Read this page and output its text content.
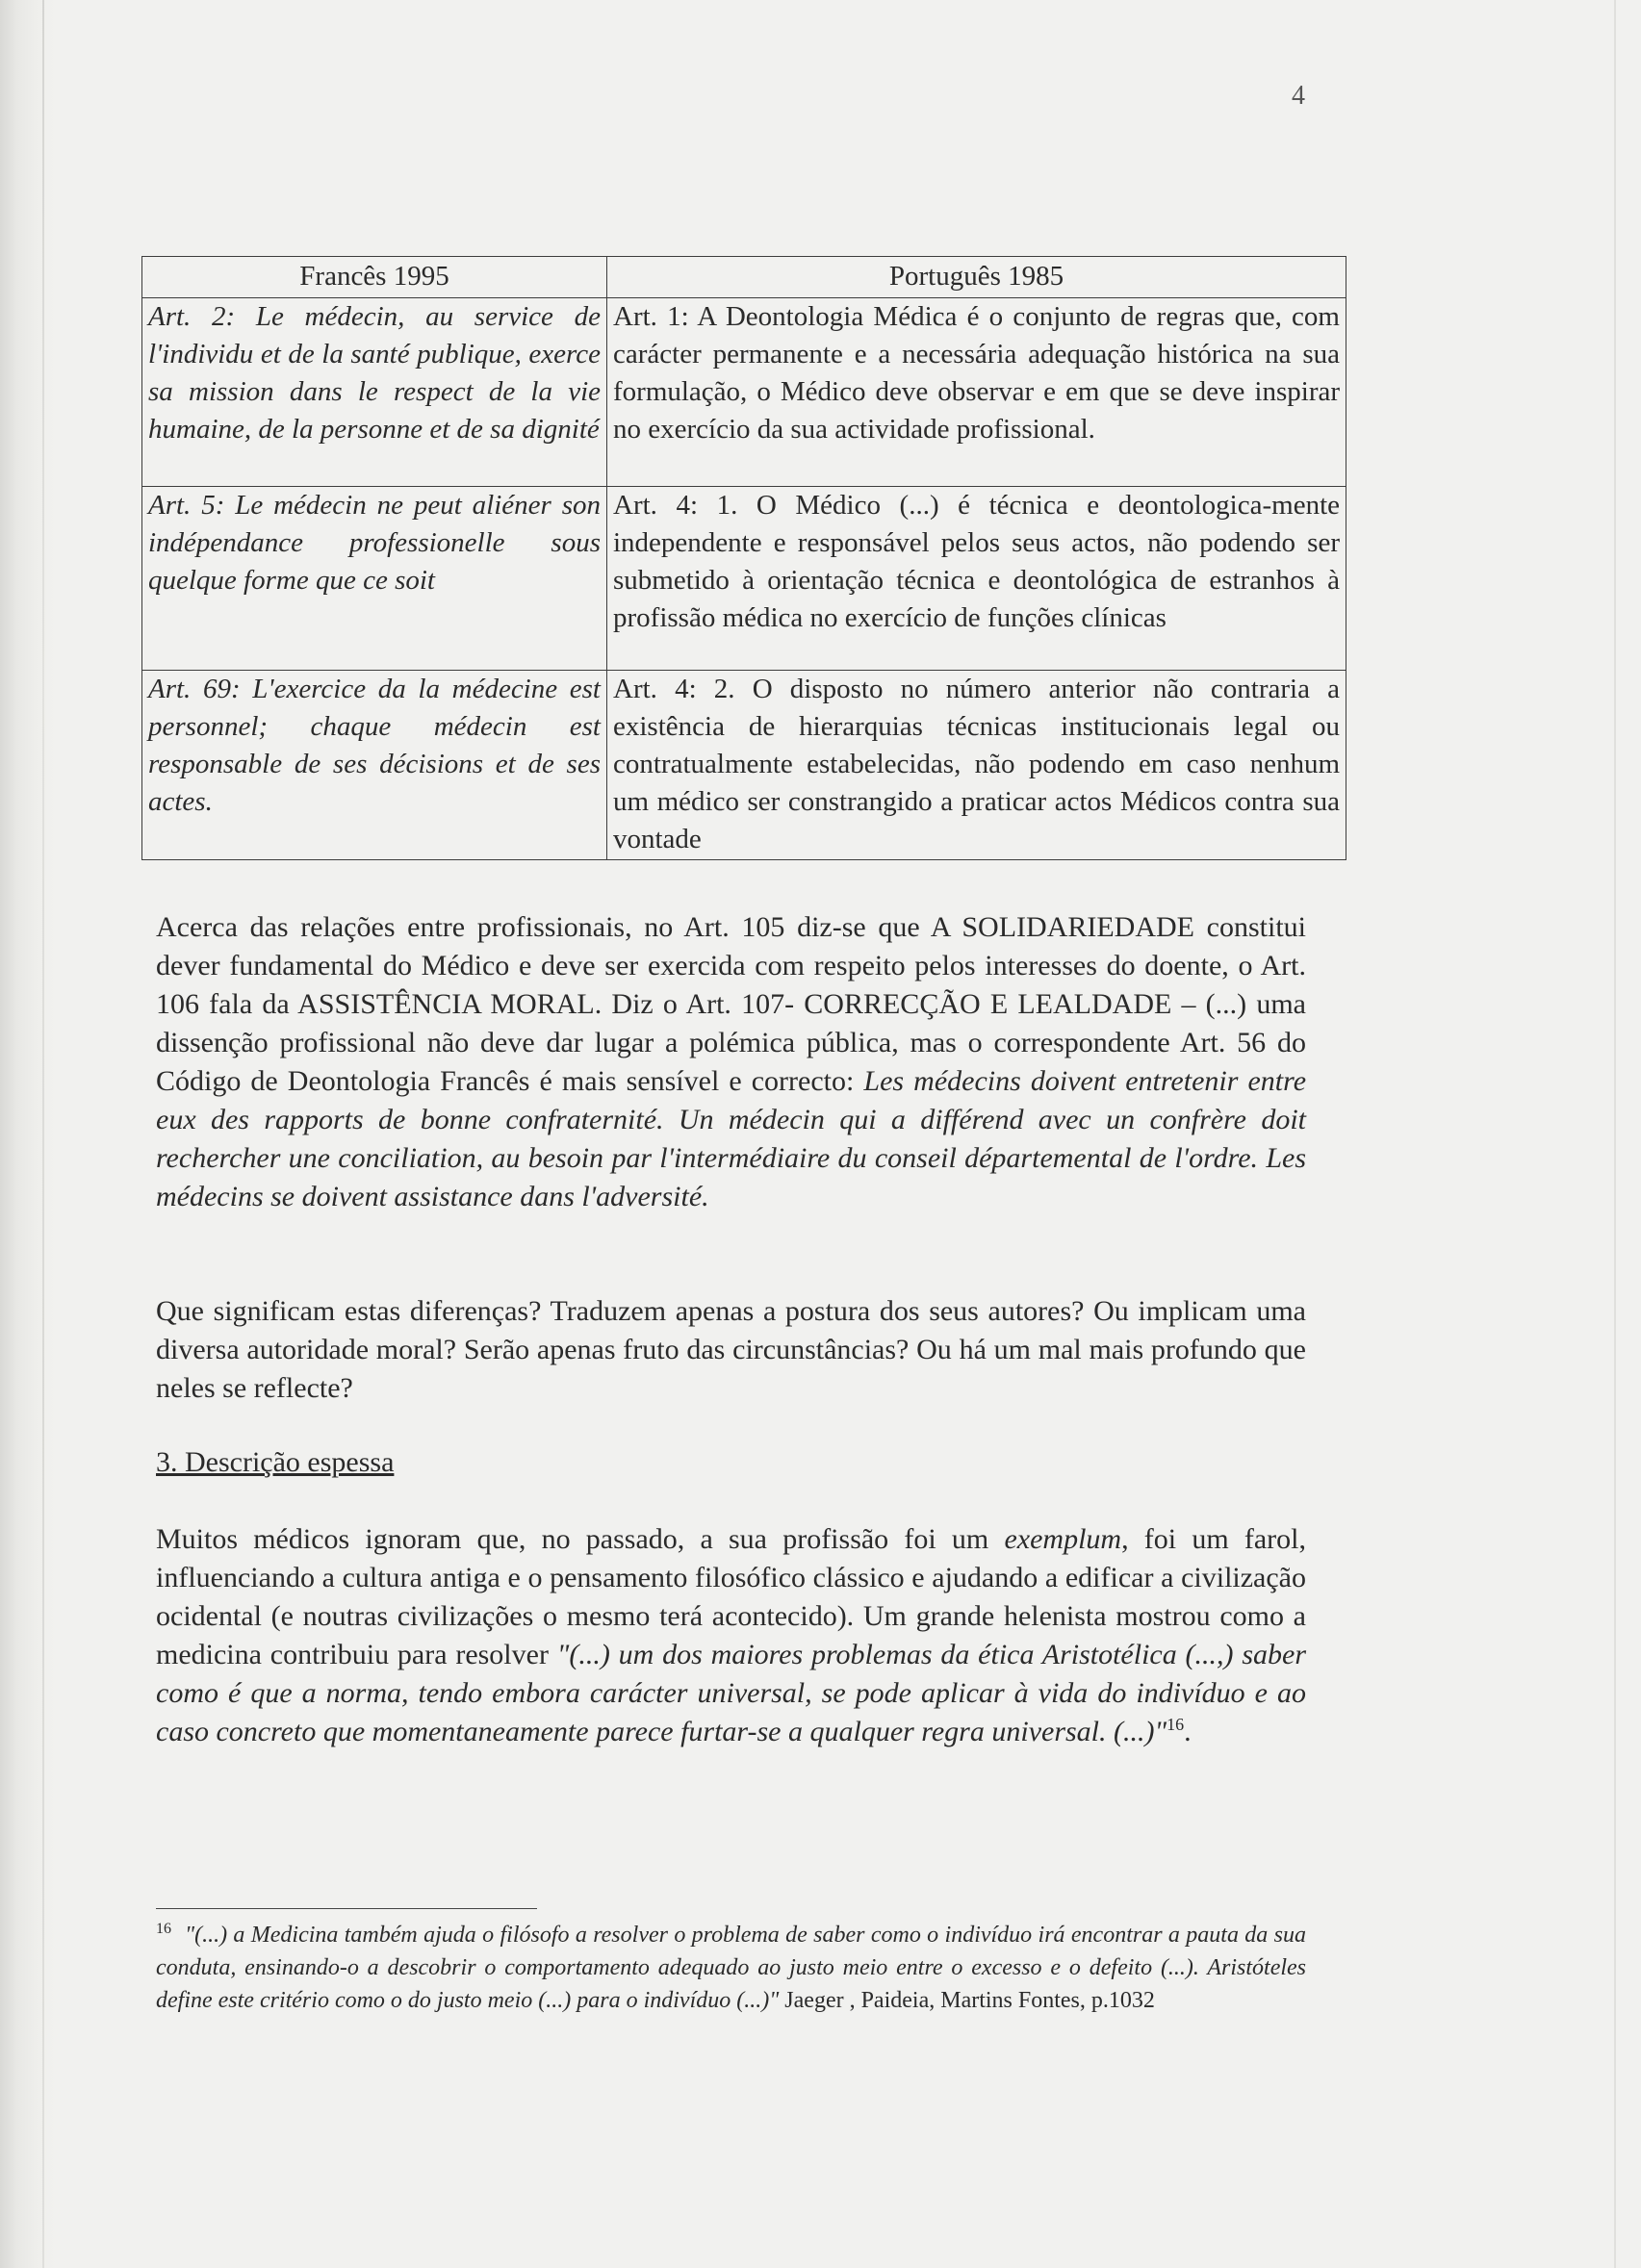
4
Francês 1995	Português 1985
Art. 2: Le médecin, au service de l'individu et de la santé publique, exerce sa mission dans le respect de la vie humaine, de la personne et de sa dignité	Art. 1: A Deontologia Médica é o conjunto de regras que, com carácter permanente e a necessária adequação histórica na sua formulação, o Médico deve observar e em que se deve inspirar no exercício da sua actividade profissional.
Art. 5: Le médecin ne peut aliéner son indépendance professionelle sous quelque forme que ce soit	Art. 4: 1. O Médico (...) é técnica e deontologica-mente independente e responsável pelos seus actos, não podendo ser submetido à orientação técnica e deontológica de estranhos à profissão médica no exercício de funções clínicas
Art. 69: L'exercice da la médecine est personnel; chaque médecin est responsable de ses décisions et de ses actes.	Art. 4: 2. O disposto no número anterior não contraria a existência de hierarquias técnicas institucionais legal ou contratualmente estabelecidas, não podendo em caso nenhum um médico ser constrangido a praticar actos Médicos contra sua vontade

Acerca das relações entre profissionais, no Art. 105 diz-se que A SOLIDARIEDADE constitui dever fundamental do Médico e deve ser exercida com respeito pelos interesses do doente, o Art. 106 fala da ASSISTÊNCIA MORAL. Diz o Art. 107- CORRECÇÃO E LEALDADE – (...) uma dissenção profissional não deve dar lugar a polémica pública, mas o correspondente Art. 56 do Código de Deontologia Francês é mais sensível e correcto: Les médecins doivent entretenir entre eux des rapports de bonne confraternité. Un médecin qui a différend avec un confrère doit rechercher une conciliation, au besoin par l'intermédiaire du conseil départemental de l'ordre. Les médecins se doivent assistance dans l'adversité.

Que significam estas diferenças? Traduzem apenas a postura dos seus autores? Ou implicam uma diversa autoridade moral? Serão apenas fruto das circunstâncias? Ou há um mal mais profundo que neles se reflecte?

3. Descrição espessa

Muitos médicos ignoram que, no passado, a sua profissão foi um exemplum, foi um farol, influenciando a cultura antiga e o pensamento filosófico clássico e ajudando a edificar a civilização ocidental (e noutras civilizações o mesmo terá acontecido). Um grande helenista mostrou como a medicina contribuiu para resolver "(...) um dos maiores problemas da ética Aristotélica (...,) saber como é que a norma, tendo embora carácter universal, se pode aplicar à vida do indivíduo e ao caso concreto que momentaneamente parece furtar-se a qualquer regra universal. (...)"$^{16}$.

$^{16}$ "(...) a Medicina também ajuda o filósofo a resolver o problema de saber como o indivíduo irá encontrar a pauta da sua conduta, ensinando-o a descobrir o comportamento adequado ao justo meio entre o excesso e o defeito (...). Aristóteles define este critério como o do justo meio (...) para o indivíduo (...)" Jaeger , Paideia, Martins Fontes, p.1032
